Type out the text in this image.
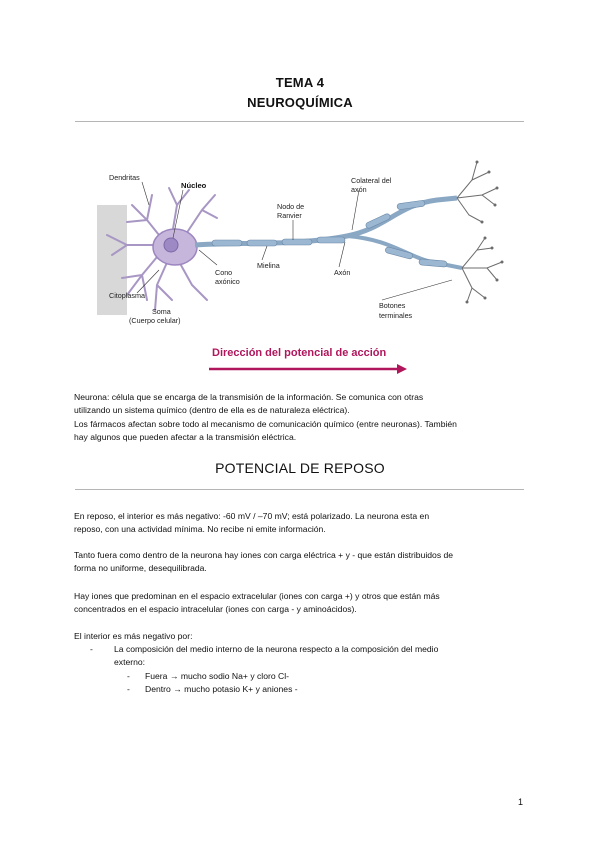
TEMA 4
NEUROQUÍMICA
Dendritas
Núcleo
Nodo de
Ranvier
Colateral del
axón
Cono
axónico
Mielina
Axón
Citoplasma
Soma
(Cuerpo celular)
Botones
terminales
Dirección del potencial de acción

Neurona: célula que se encarga de la transmisión de la información. Se comunica con otras
utilizando un sistema químico (dentro de ella es de naturaleza eléctrica).

Los fármacos afectan sobre todo al mecanismo de comunicación químico (entre neuronas). También
hay algunos que pueden afectar a la transmisión eléctrica.

POTENCIAL DE REPOSO

En reposo, el interior es más negativo: -60 mV / –70 mV; está polarizado. La neurona esta en
reposo, con una actividad mínima. No recibe ni emite información.

Tanto fuera como dentro de la neurona hay iones con carga eléctrica + y - que están distribuidos de
forma no uniforme, desequilibrada.

Hay iones que predominan en el espacio extracelular (iones con carga +) y otros que están más
concentrados en el espacio intracelular (iones con carga - y aminoácidos).

El interior es más negativo por:

- La composición del medio interno de la neurona respecto a la composición del medio
externo:
- Fuera → mucho sodio Na+ y cloro Cl-
- Dentro → mucho potasio K+ y aniones -
1
